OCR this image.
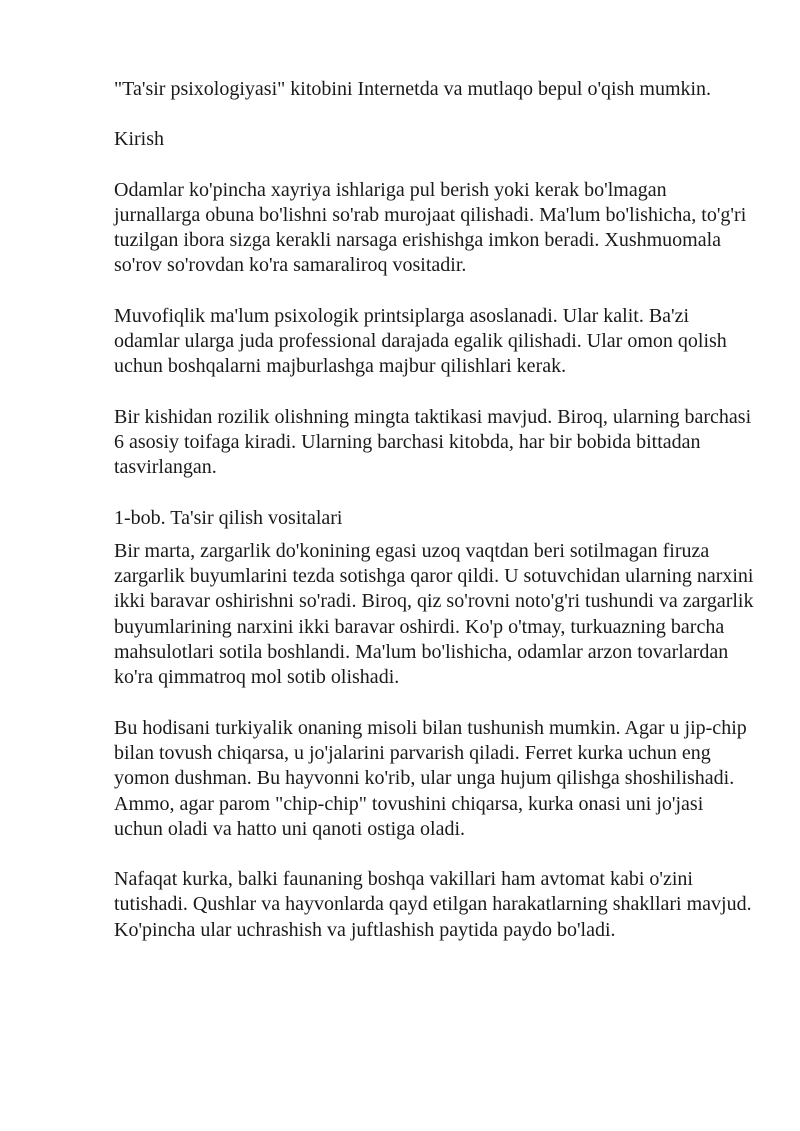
"Ta'sir psixologiyasi" kitobini Internetda va mutlaqo bepul o'qish mumkin.

Kirish

Odamlar ko'pincha xayriya ishlariga pul berish yoki kerak bo'lmagan jurnallarga obuna bo'lishni so'rab murojaat qilishadi. Ma'lum bo'lishicha, to'g'ri tuzilgan ibora sizga kerakli narsaga erishishga imkon beradi. Xushmuomala so'rov so'rovdan ko'ra samaraliroq vositadir.

Muvofiqlik ma'lum psixologik printsiplarga asoslanadi. Ular kalit. Ba'zi odamlar ularga juda professional darajada egalik qilishadi. Ular omon qolish uchun boshqalarni majburlashga majbur qilishlari kerak.

Bir kishidan rozilik olishning mingta taktikasi mavjud. Biroq, ularning barchasi 6 asosiy toifaga kiradi. Ularning barchasi kitobda, har bir bobida bittadan tasvirlangan.

1-bob. Ta'sir qilish vositalari

Bir marta, zargarlik do'konining egasi uzoq vaqtdan beri sotilmagan firuza zargarlik buyumlarini tezda sotishga qaror qildi. U sotuvchidan ularning narxini ikki baravar oshirishni so'radi. Biroq, qiz so'rovni noto'g'ri tushundi va zargarlik buyumlarining narxini ikki baravar oshirdi. Ko'p o'tmay, turkuazning barcha mahsulotlari sotila boshlandi. Ma'lum bo'lishicha, odamlar arzon tovarlardan ko'ra qimmatroq mol sotib olishadi.

Bu hodisani turkiyalik onaning misoli bilan tushunish mumkin. Agar u jip-chip bilan tovush chiqarsa, u jo'jalarini parvarish qiladi. Ferret kurka uchun eng yomon dushman. Bu hayvonni ko'rib, ular unga hujum qilishga shoshilishadi. Ammo, agar parom "chip-chip" tovushini chiqarsa, kurka onasi uni jo'jasi uchun oladi va hatto uni qanoti ostiga oladi.

Nafaqat kurka, balki faunaning boshqa vakillari ham avtomat kabi o'zini tutishadi. Qushlar va hayvonlarda qayd etilgan harakatlarning shakllari mavjud. Ko'pincha ular uchrashish va juftlashish paytida paydo bo'ladi.
